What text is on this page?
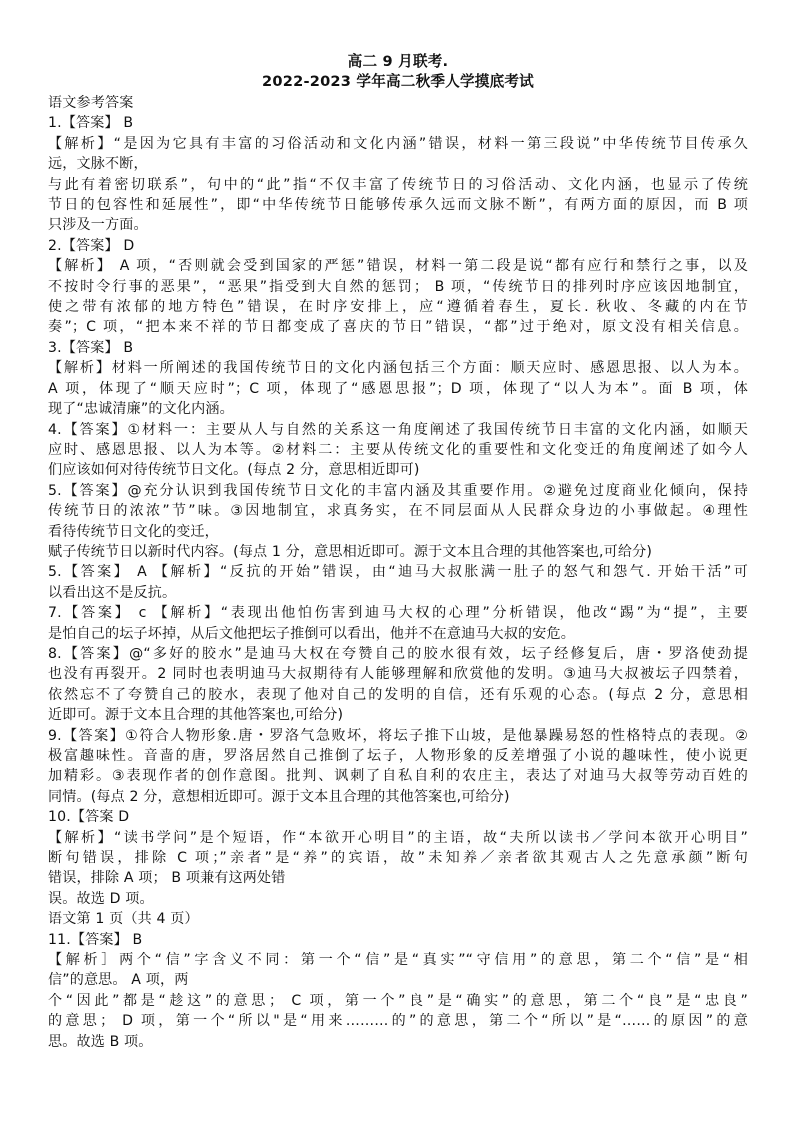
高二 9 月联考.
2022-2023 学年高二秋季人学摸底考试
语文参考答案
1.【答案】 B
【解析】“是因为它具有丰富的习俗活动和文化内涵”错误，材料一第三段说”中华传统节目传承久
远，文脉不断，
与此有着密切联系”，句中的“此”指“不仅丰富了传统节日的习俗活动、文化内涵，也显示了传统
节日的包容性和延展性”，即“中华传统节日能够传承久远而文脉不断”，有两方面的原因，而 B 项
只涉及一方面。
2.【答案】 D
【解析】 A 项，“否则就会受到国家的严惩”错误，材料一第二段是说“都有应行和禁行之事，以及
不按时令行事的恶果”，“恶果”指受到大自然的惩罚； B 项，“传统节日的排列时序应该因地制宜，
使之带有浓郁的地方特色”错误，在时序安排上，应“遵循着春生，夏长. 秋收、冬藏的内在节
奏”；C 项，“把本来不祥的节日都变成了喜庆的节日”错误，“都”过于绝对，原文没有相关信息。
3.【答案】 B
【解析】材料一所阐述的我国传统节日的文化内涵包括三个方面：顺天应时、感恩思报、以人为本。
A 项，体现了“顺天应时”；C 项，体现了“感恩思报”；D 项，体现了“以人为本”。面 B 项，体
现了“忠诚清廉”的文化内涵。
4.【答案】①材料一：主要从人与自然的关系这一角度阐述了我国传统节日丰富的文化内涵，如顺天
应时、感恩思报、以人为本等。②材料二：主要从传统文化的重要性和文化变迁的角度阐述了如今人
们应该如何对待传统节日文化。(每点 2 分，意思相近即可)
5.【答案】@充分认识到我国传统节日文化的丰富内涵及其重要作用。②避免过度商业化倾向，保持
传统节日的浓浓”节”味。③因地制宜，求真务实，在不同层面从人民群众身边的小事做起。④理性
看待传统节日文化的变迁，
赋子传统节日以新时代内容。(每点 1 分，意思相近即可。源于文本且合理的其他答案也,可给分)
5.【答案】 A 【解析】“反抗的开始”错误，由“迪马大叔胀满一肚子的怒气和怨气. 开始干活”可
以看出这不是反抗。
7.【答案】 c 【解析】“表现出他怕伤害到迪马大权的心理”分析错误，他改“踢”为“提”，主要
是怕自己的坛子坏掉，从后文他把坛子推倒可以看出，他并不在意迪马大叔的安危。
8.【答案】@“多好的胶水”是迪马大权在夸赞自己的胶水很有效，坛子经修复后，唐・罗洛使劲提
也没有再裂开。2 同时也表明迪马大叔期待有人能够理解和欣赏他的发明。③迪马大叔被坛子四禁着，
依然忘不了夸赞自己的胶水，表现了他对自己的发明的自信，还有乐观的心态。(每点 2 分，意思相
近即可。源于文本且合理的其他答案也,可给分)
9.【答案】①符合人物形象.唐・罗洛气急败坏，将坛子推下山坡，是他暴躁易怒的性格特点的表现。②
极富趣味性。音啬的唐，罗洛居然自己推倒了坛子，人物形象的反差增强了小说的趣味性，使小说更
加精彩。③表现作者的创作意图。批判、讽刺了自私自利的农庄主，表达了对迪马大叔等劳动百姓的
同情。(每点 2 分，意想相近即可。源于文本且合理的其他答案也,可给分)
10.【答案 D
【解析】“读书学问”是个短语，作“本欲开心明目”的主语，故“夫所以读书／学问本欲开心明目”
断句错误，排除 C 项；”亲者”是“养”的宾语，故”未知养／亲者欲其观古人之先意承颜”断句
错误，排除 A 项； B 项兼有这两处错
误。故选 D 项。
语文第 1 页（共 4 页）
11.【答案】 B
【解析］两个“信”字含义不同：第一个“信”是“真实”“守信用”的意思，第二个“信”是“相
信”的意思。 A 项，两
个“因此”都是“趁这”的意思； C 项，第一个”良”是“确实”的意思，第二个“良”是“忠良”
的意思； D 项，第一个“所以"是“用来………的”的意思，第二个“所以”是“……的原因”的意
思。故选 B 项。
